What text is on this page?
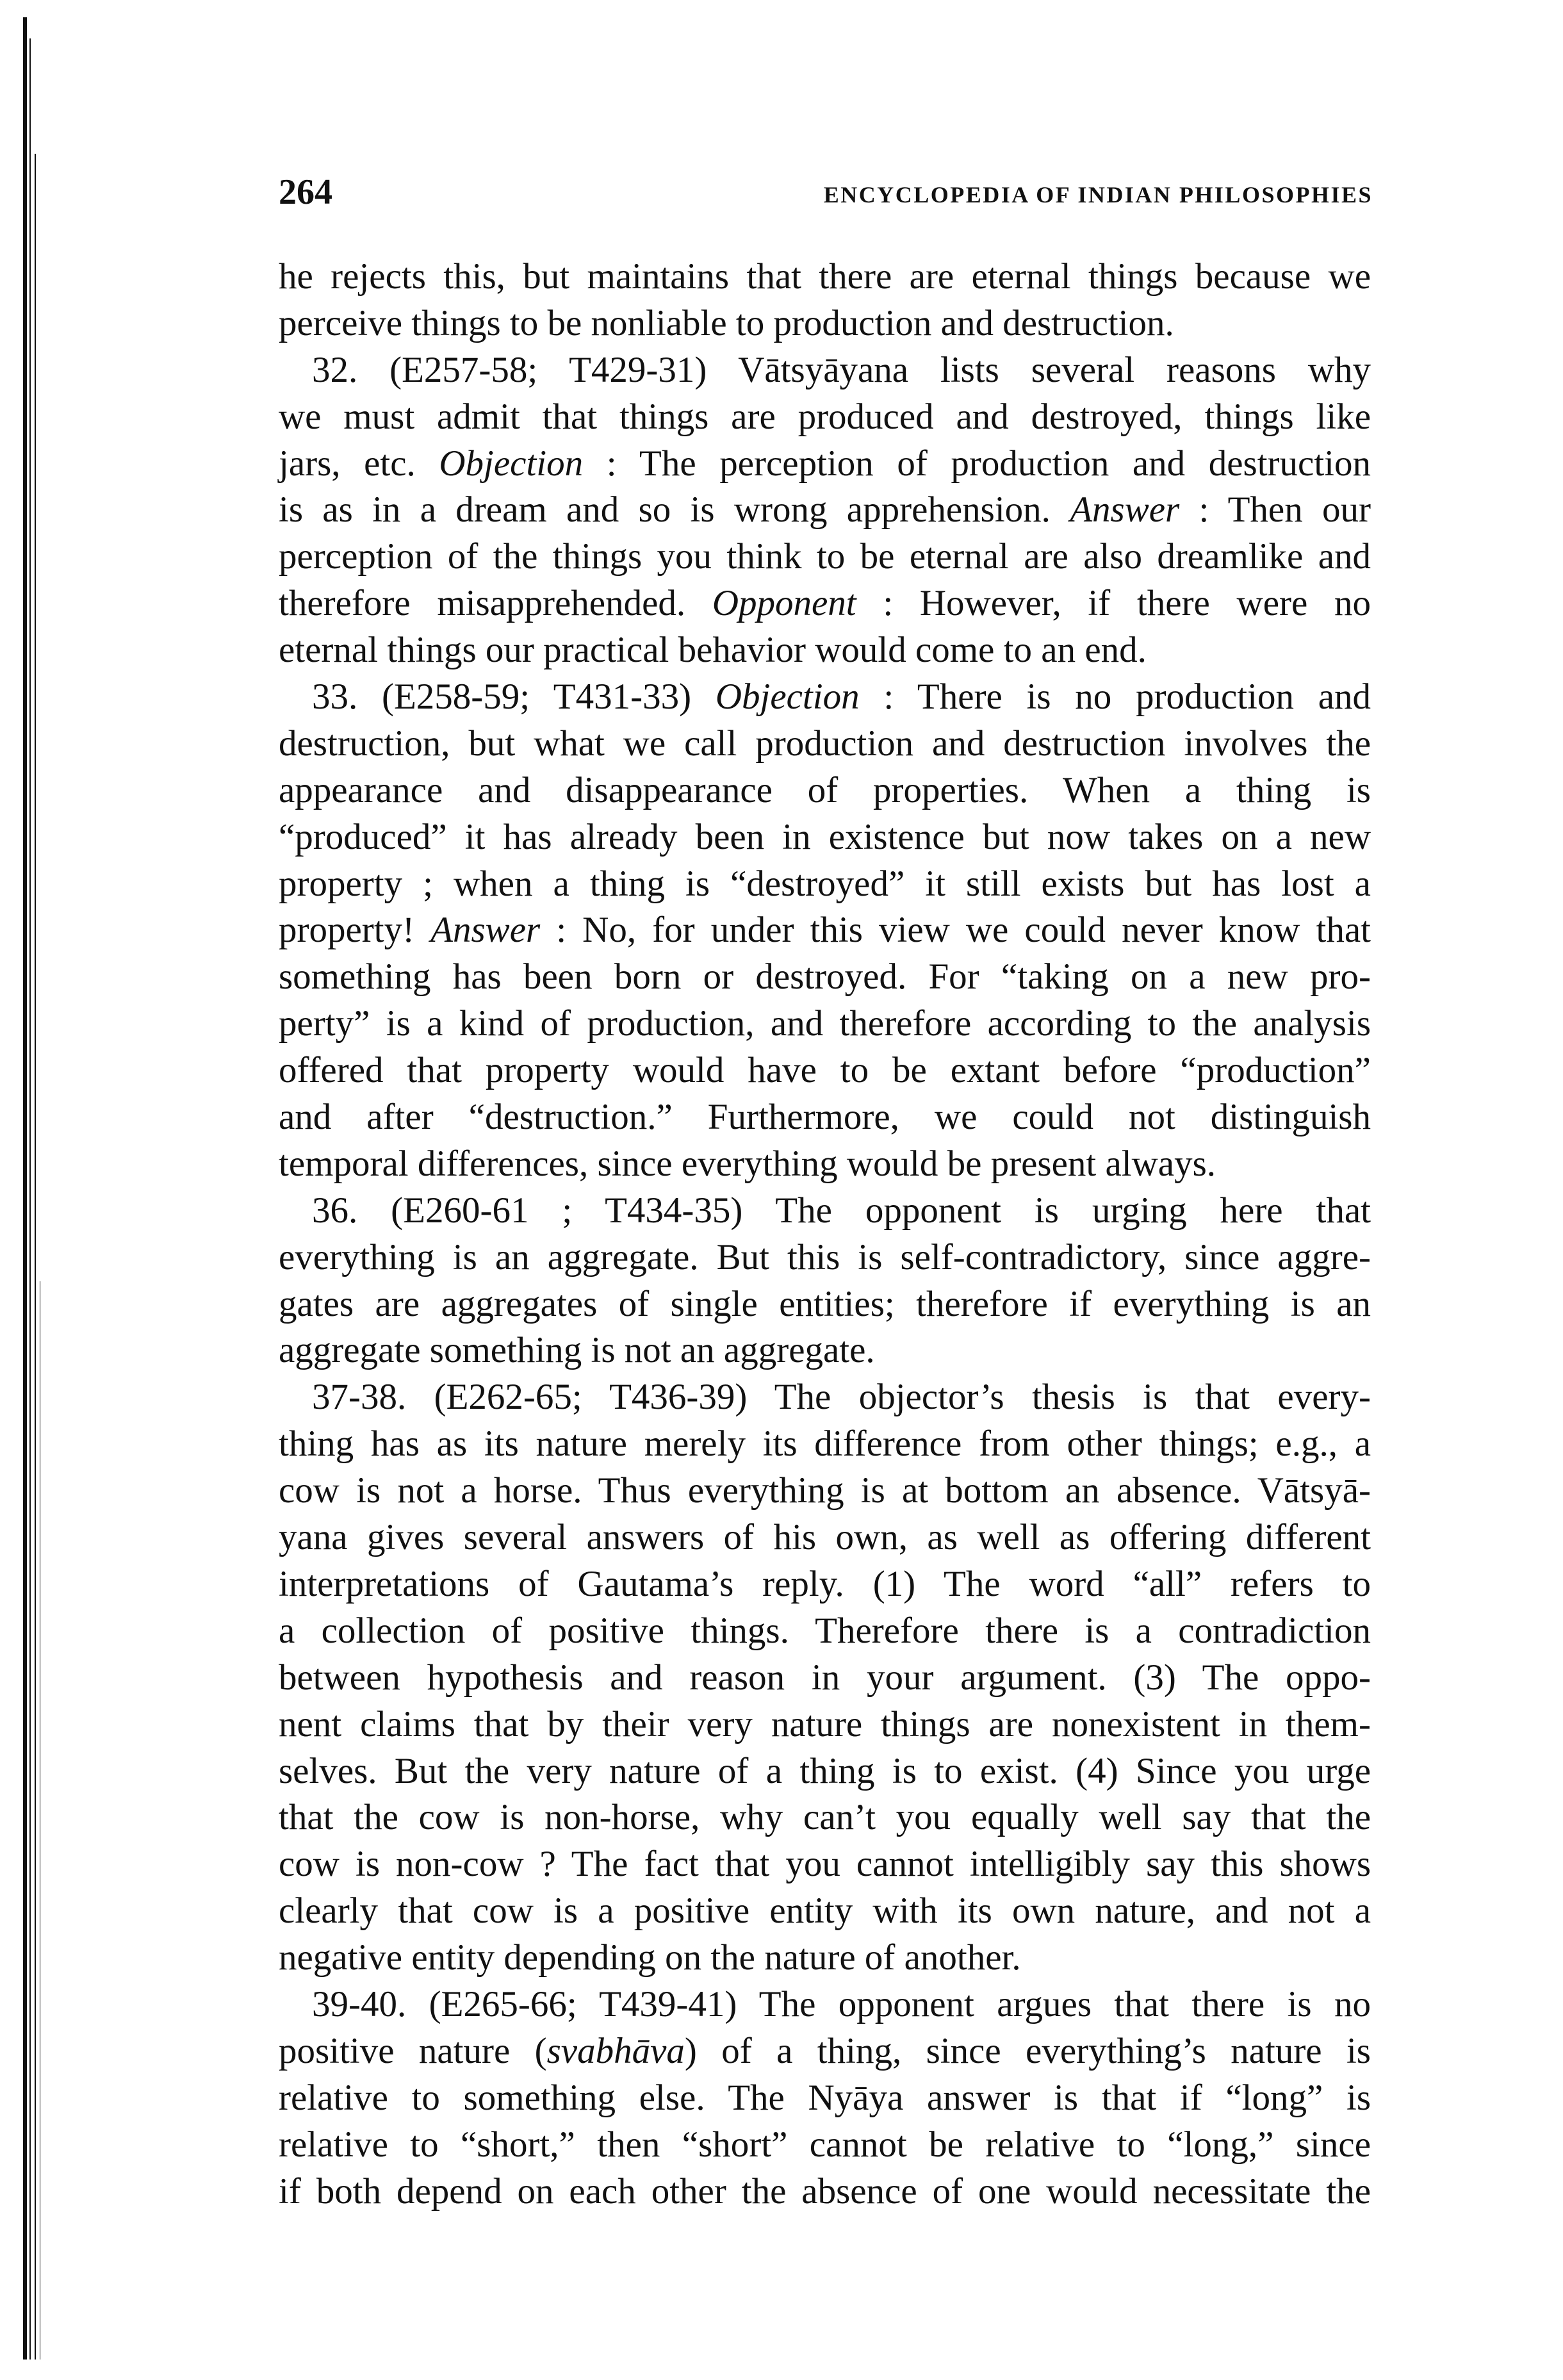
264	ENCYCLOPEDIA OF INDIAN PHILOSOPHIES
he rejects this, but maintains that there are eternal things because we
perceive things to be nonliable to production and destruction.
32. (E257-58; T429-31) Vātsyāyana lists several reasons why
we must admit that things are produced and destroyed, things like
jars, etc. Objection : The perception of production and destruction
is as in a dream and so is wrong apprehension. Answer : Then our
perception of the things you think to be eternal are also dreamlike and
therefore misapprehended. Opponent : However, if there were no
eternal things our practical behavior would come to an end.
33. (E258-59; T431-33) Objection : There is no production and
destruction, but what we call production and destruction involves the
appearance and disappearance of properties. When a thing is
“produced” it has already been in existence but now takes on a new
property ; when a thing is “destroyed” it still exists but has lost a
property! Answer : No, for under this view we could never know that
something has been born or destroyed. For “taking on a new pro-
perty” is a kind of production, and therefore according to the analysis
offered that property would have to be extant before “production”
and after “destruction.” Furthermore, we could not distinguish
temporal differences, since everything would be present always.
36. (E260-61 ; T434-35) The opponent is urging here that
everything is an aggregate. But this is self-contradictory, since aggre-
gates are aggregates of single entities; therefore if everything is an
aggregate something is not an aggregate.
37-38. (E262-65; T436-39) The objector’s thesis is that every-
thing has as its nature merely its difference from other things; e.g., a
cow is not a horse. Thus everything is at bottom an absence. Vātsyā-
yana gives several answers of his own, as well as offering different
interpretations of Gautama’s reply. (1) The word “all” refers to
a collection of positive things. Therefore there is a contradiction
between hypothesis and reason in your argument. (3) The oppo-
nent claims that by their very nature things are nonexistent in them-
selves. But the very nature of a thing is to exist. (4) Since you urge
that the cow is non-horse, why can’t you equally well say that the
cow is non-cow ? The fact that you cannot intelligibly say this shows
clearly that cow is a positive entity with its own nature, and not a
negative entity depending on the nature of another.
39-40. (E265-66; T439-41) The opponent argues that there is no
positive nature (svabhāva) of a thing, since everything’s nature is
relative to something else. The Nyāya answer is that if “long” is
relative to “short,” then “short” cannot be relative to “long,” since
if both depend on each other the absence of one would necessitate the
